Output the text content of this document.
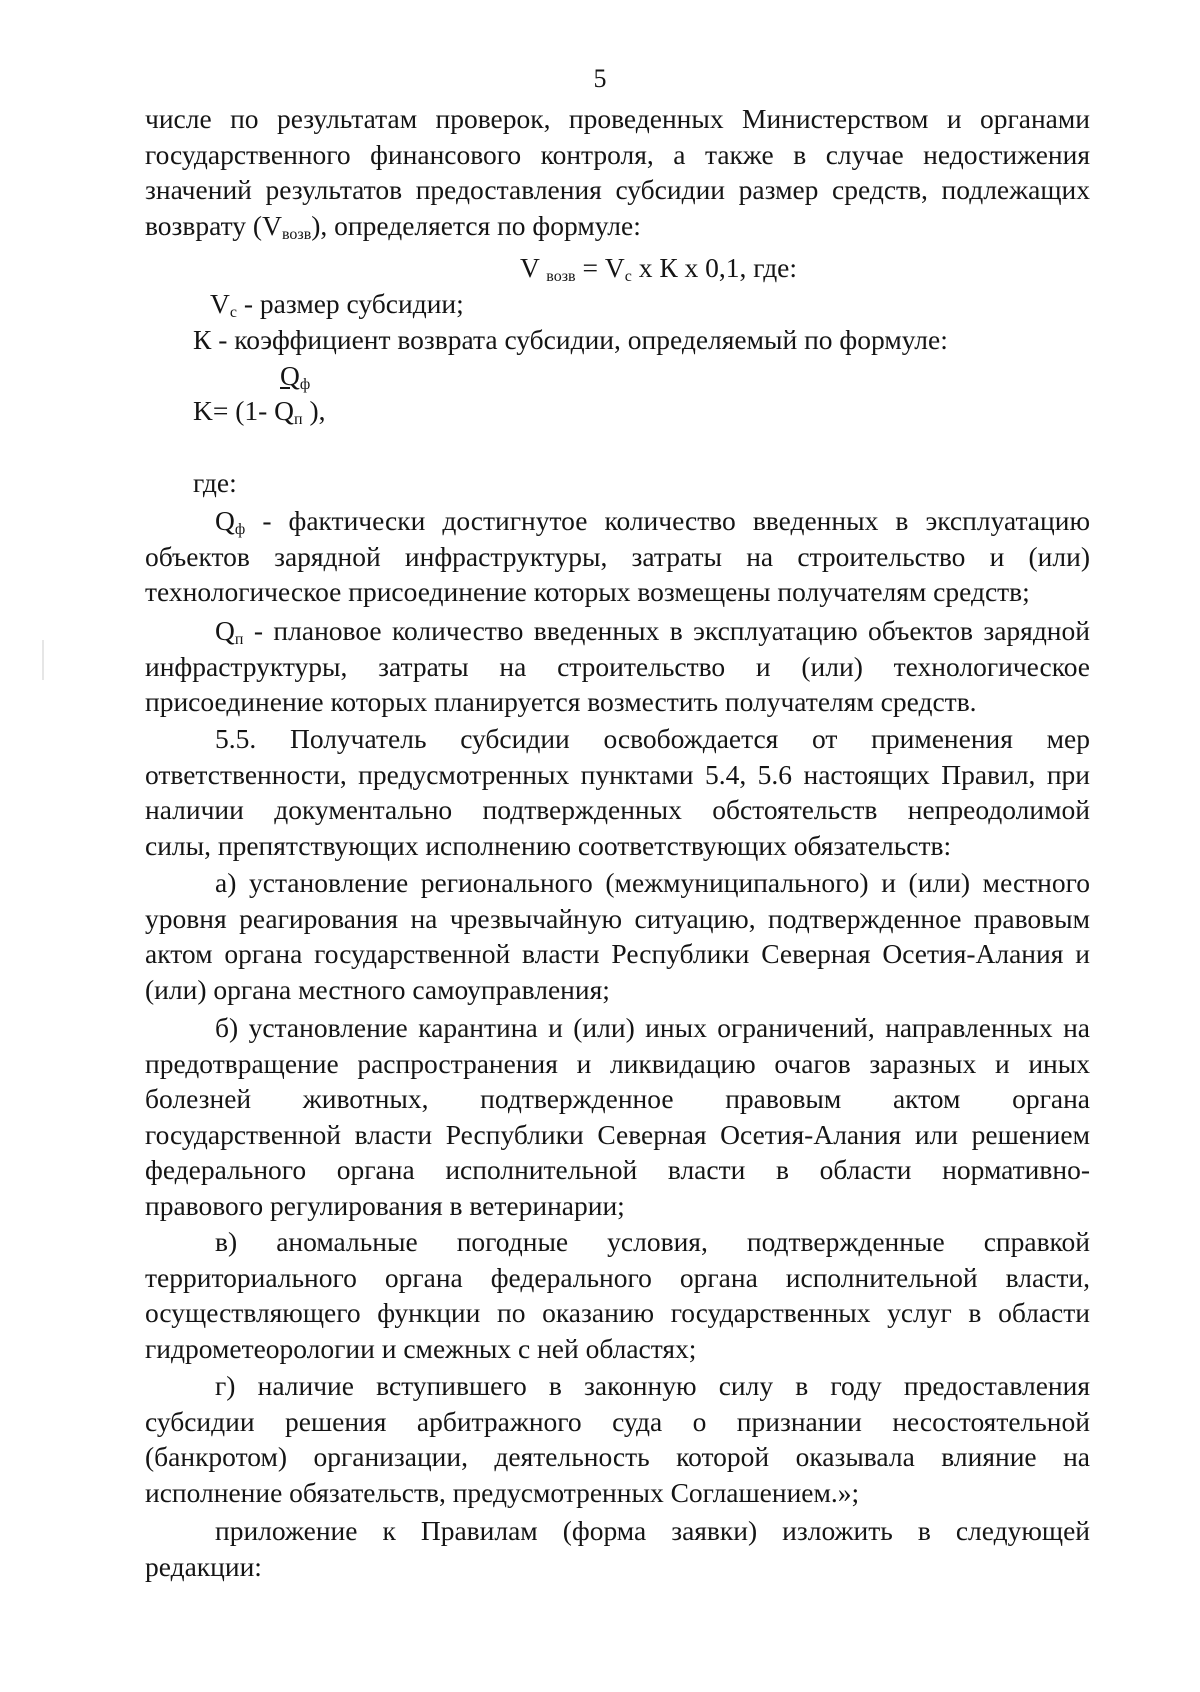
5
числе по результатам проверок, проведенных Министерством и органами
государственного финансового контроля, а также в случае недостижения
значений результатов предоставления субсидии размер средств, подлежащих
возврату $(V_{возв})$, определяется по формуле:
V $_{возв} = V_c$ х К х 0,1, где:
$V_c$ - размер субсидии;
К - коэффициент возврата субсидии, определяемый по формуле:
$Q_ф$
K= (1- $Q_п$ ),
где:
$Q_ф$ - фактически достигнутое количество введенных в эксплуатацию
объектов зарядной инфраструктуры, затраты на строительство и (или)
технологическое присоединение которых возмещены получателям средств;
$Q_п$ - плановое количество введенных в эксплуатацию объектов зарядной
инфраструктуры, затраты на строительство и (или) технологическое
присоединение которых планируется возместить получателям средств.
5.5. Получатель субсидии освобождается от применения мер
ответственности, предусмотренных пунктами 5.4, 5.6 настоящих Правил, при
наличии документально подтвержденных обстоятельств непреодолимой
силы, препятствующих исполнению соответствующих обязательств:
а) установление регионального (межмуниципального) и (или) местного
уровня реагирования на чрезвычайную ситуацию, подтвержденное правовым
актом органа государственной власти Республики Северная Осетия-Алания и
(или) органа местного самоуправления;
б) установление карантина и (или) иных ограничений, направленных на
предотвращение распространения и ликвидацию очагов заразных и иных
болезней животных, подтвержденное правовым актом органа
государственной власти Республики Северная Осетия-Алания или решением
федерального органа исполнительной власти в области нормативно-
правового регулирования в ветеринарии;
в) аномальные погодные условия, подтвержденные справкой
территориального органа федерального органа исполнительной власти,
осуществляющего функции по оказанию государственных услуг в области
гидрометеорологии и смежных с ней областях;
г) наличие вступившего в законную силу в году предоставления
субсидии решения арбитражного суда о признании несостоятельной
(банкротом) организации, деятельность которой оказывала влияние на
исполнение обязательств, предусмотренных Соглашением.»;
приложение к Правилам (форма заявки) изложить в следующей
редакции:
